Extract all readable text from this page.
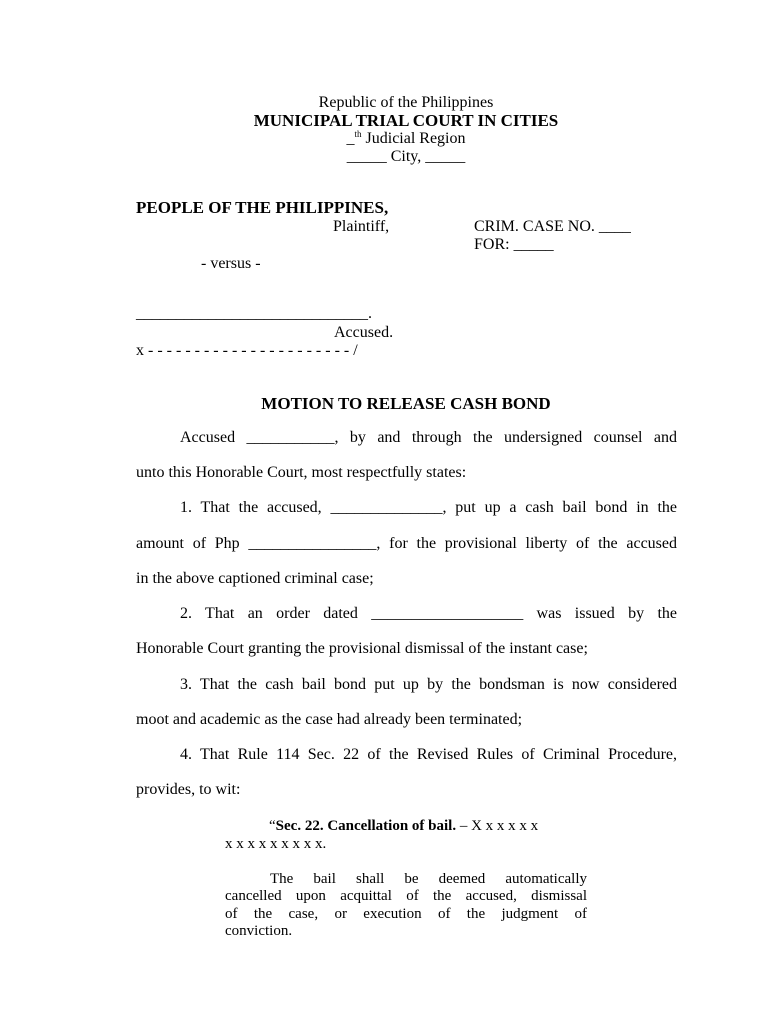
Republic of the Philippines
MUNICIPAL TRIAL COURT IN CITIES
_$^{th}$ Judicial Region
_____ City, _____
PEOPLE OF THE PHILIPPINES,
Plaintiff,	CRIM. CASE NO. ____
FOR: _____
- versus -
_____________________________.
Accused.
x - - - - - - - - - - - - - - - - - - - - - - /
MOTION TO RELEASE CASH BOND
Accused ___________, by and through the undersigned counsel and
unto this Honorable Court, most respectfully states:
1. That the accused, ______________, put up a cash bail bond in the
amount of Php ________________, for the provisional liberty of the accused
in the above captioned criminal case;
2. That an order dated ___________________ was issued by the
Honorable Court granting the provisional dismissal of the instant case;
3. That the cash bail bond put up by the bondsman is now considered
moot and academic as the case had already been terminated;
4. That Rule 114 Sec. 22 of the Revised Rules of Criminal Procedure,
provides, to wit:
“Sec. 22. Cancellation of bail. – X x x x x x
x x x x x x x x x.
The bail shall be deemed automatically
cancelled upon acquittal of the accused, dismissal
of the case, or execution of the judgment of
conviction.
